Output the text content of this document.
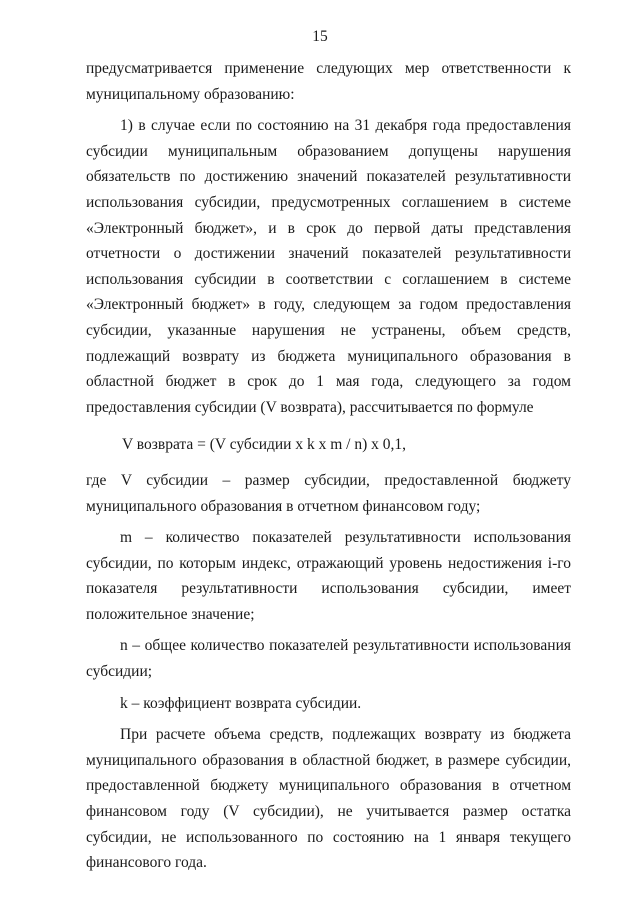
15

предусматривается применение следующих мер ответственности к муниципальному образованию:

1) в случае если по состоянию на 31 декабря года предоставления субсидии муниципальным образованием допущены нарушения обязательств по достижению значений показателей результативности использования субсидии, предусмотренных соглашением в системе «Электронный бюджет», и в срок до первой даты представления отчетности о достижении значений показателей результативности использования субсидии в соответствии с соглашением в системе «Электронный бюджет» в году, следующем за годом предоставления субсидии, указанные нарушения не устранены, объем средств, подлежащий возврату из бюджета муниципального образования в областной бюджет в срок до 1 мая года, следующего за годом предоставления субсидии (V возврата), рассчитывается по формуле

V возврата = (V субсидии x k x m / n) x 0,1,

где V субсидии – размер субсидии, предоставленной бюджету муниципального образования в отчетном финансовом году;

m – количество показателей результативности использования субсидии, по которым индекс, отражающий уровень недостижения i-го показателя результативности использования субсидии, имеет положительное значение;

n – общее количество показателей результативности использования субсидии;

k – коэффициент возврата субсидии.

При расчете объема средств, подлежащих возврату из бюджета муниципального образования в областной бюджет, в размере субсидии, предоставленной бюджету муниципального образования в отчетном финансовом году (V субсидии), не учитывается размер остатка субсидии, не использованного по состоянию на 1 января текущего финансового года.
